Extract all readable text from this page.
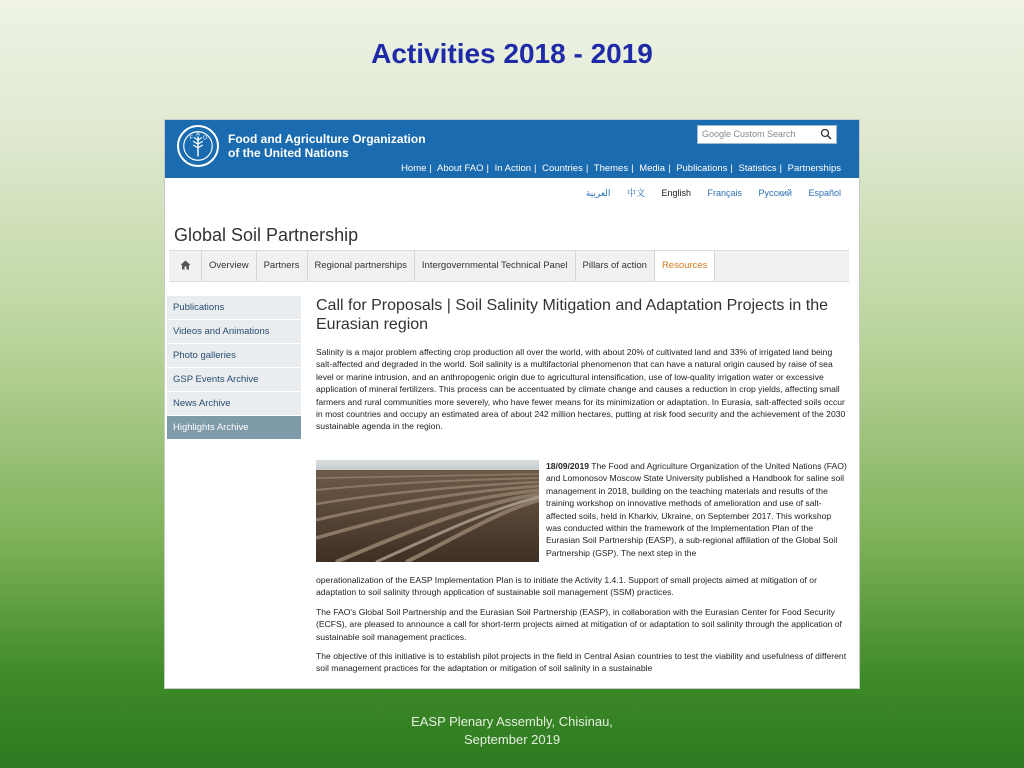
Activities 2018 - 2019
F
A
O Food and Agriculture Organization
of the United Nations
Google Custom Search
Home | About FAO | In Action | Countries | Themes | Media | Publications | Statistics | Partnerships
العربية 中文 English Français Русский Español
Global Soil Partnership
Overview	Partners	Regional partnerships	Intergovernmental Technical Panel	Pillars of action	Resources
Publications
Videos and Animations
Photo galleries
GSP Events Archive
News Archive
Highlights Archive
Call for Proposals | Soil Salinity Mitigation and Adaptation Projects in the Eurasian region
Salinity is a major problem affecting crop production all over the world, with about 20% of cultivated land and 33% of irrigated land being salt-affected and degraded in the world. Soil salinity is a multifactorial phenomenon that can have a natural origin caused by raise of sea level or marine intrusion, and an anthropogenic origin due to agricultural intensification, use of low-quality irrigation water or excessive application of mineral fertilizers. This process can be accentuated by climate change and causes a reduction in crop yields, affecting small farmers and rural communities more severely, who have fewer means for its minimization or adaptation. In Eurasia, salt-affected soils occur in most countries and occupy an estimated area of about 242 million hectares, putting at risk food security and the achievement of the 2030 sustainable agenda in the region.
18/09/2019 The Food and Agriculture Organization of the United Nations (FAO) and Lomonosov Moscow State University published a Handbook for saline soil management in 2018, building on the teaching materials and results of the training workshop on innovative methods of amelioration and use of salt-affected soils, held in Kharkiv, Ukraine, on September 2017. This workshop was conducted within the framework of the Implementation Plan of the Eurasian Soil Partnership (EASP), a sub-regional affiliation of the Global Soil Partnership (GSP). The next step in the
operationalization of the EASP Implementation Plan is to initiate the Activity 1.4.1. Support of small projects aimed at mitigation of or adaptation to soil salinity through application of sustainable soil management (SSM) practices.
The FAO's Global Soil Partnership and the Eurasian Soil Partnership (EASP), in collaboration with the Eurasian Center for Food Security (ECFS), are pleased to announce a call for short-term projects aimed at mitigation of or adaptation to soil salinity through the application of sustainable soil management practices.
The objective of this initiative is to establish pilot projects in the field in Central Asian countries to test the viability and usefulness of different soil management practices for the adaptation or mitigation of soil salinity in a sustainable
EASP Plenary Assembly, Chisinau,
September 2019
